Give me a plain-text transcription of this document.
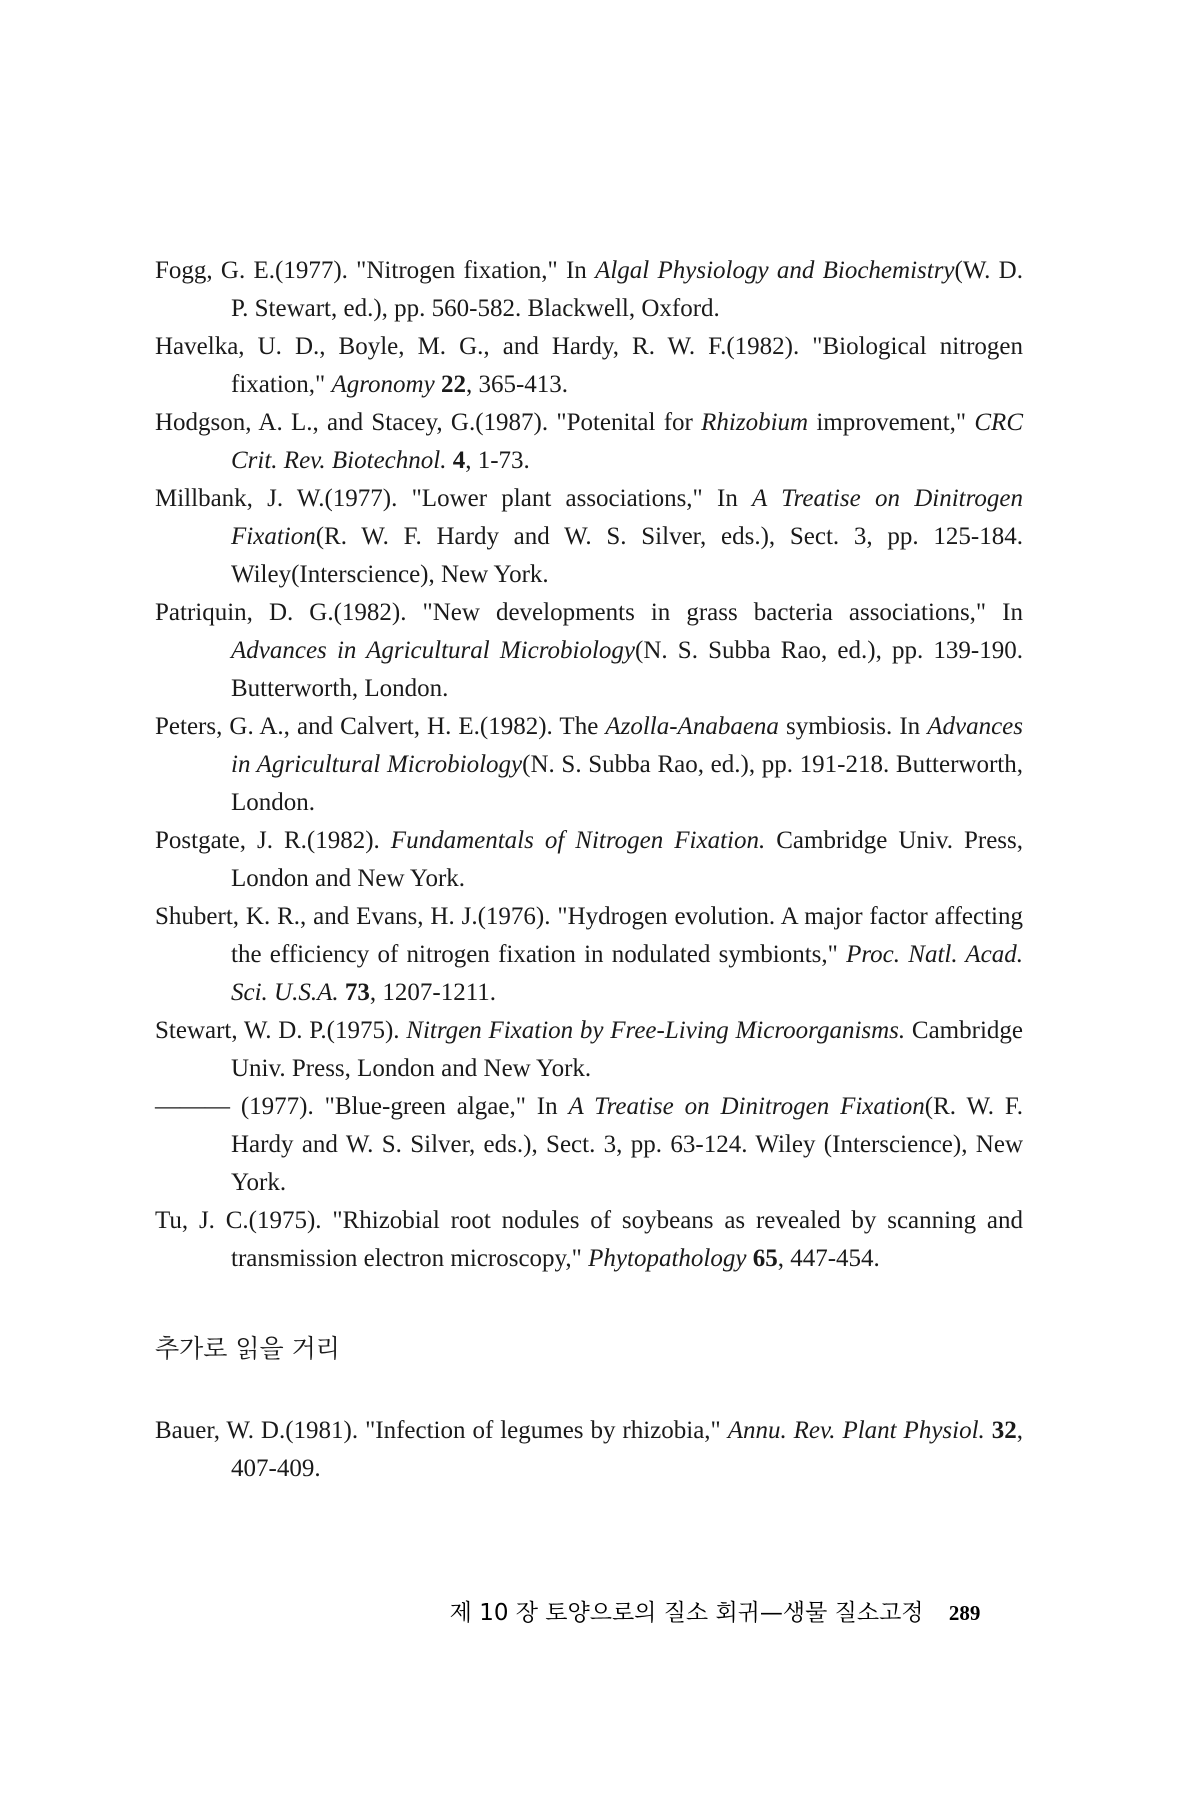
Fogg, G. E.(1977). "Nitrogen fixation," In Algal Physiology and Biochemistry(W. D. P. Stewart, ed.), pp. 560-582. Blackwell, Oxford.

Havelka, U. D., Boyle, M. G., and Hardy, R. W. F.(1982). "Biological nitrogen fixation," Agronomy 22, 365-413.

Hodgson, A. L., and Stacey, G.(1987). "Potenital for Rhizobium improvement," CRC Crit. Rev. Biotechnol. 4, 1-73.

Millbank, J. W.(1977). "Lower plant associations," In A Treatise on Dinitrogen Fixation(R. W. F. Hardy and W. S. Silver, eds.), Sect. 3, pp. 125-184. Wiley(Interscience), New York.

Patriquin, D. G.(1982). "New developments in grass bacteria associations," In Advances in Agricultural Microbiology(N. S. Subba Rao, ed.), pp. 139-190. Butterworth, London.

Peters, G. A., and Calvert, H. E.(1982). The Azolla-Anabaena symbiosis. In Advances in Agricultural Microbiology(N. S. Subba Rao, ed.), pp. 191-218. Butterworth, London.

Postgate, J. R.(1982). Fundamentals of Nitrogen Fixation. Cambridge Univ. Press, London and New York.

Shubert, K. R., and Evans, H. J.(1976). "Hydrogen evolution. A major factor affecting the efficiency of nitrogen fixation in nodulated symbionts," Proc. Natl. Acad. Sci. U.S.A. 73, 1207-1211.

Stewart, W. D. P.(1975). Nitrgen Fixation by Free-Living Microorganisms. Cambridge Univ. Press, London and New York.

——— (1977). "Blue-green algae," In A Treatise on Dinitrogen Fixation(R. W. F. Hardy and W. S. Silver, eds.), Sect. 3, pp. 63-124. Wiley (Interscience), New York.

Tu, J. C.(1975). "Rhizobial root nodules of soybeans as revealed by scanning and transmission electron microscopy," Phytopathology 65, 447-454.

추가로 읽을 거리

Bauer, W. D.(1981). "Infection of legumes by rhizobia," Annu. Rev. Plant Physiol. 32, 407-409.

제 10 장 토양으로의 질소 회귀—생물 질소고정 289
